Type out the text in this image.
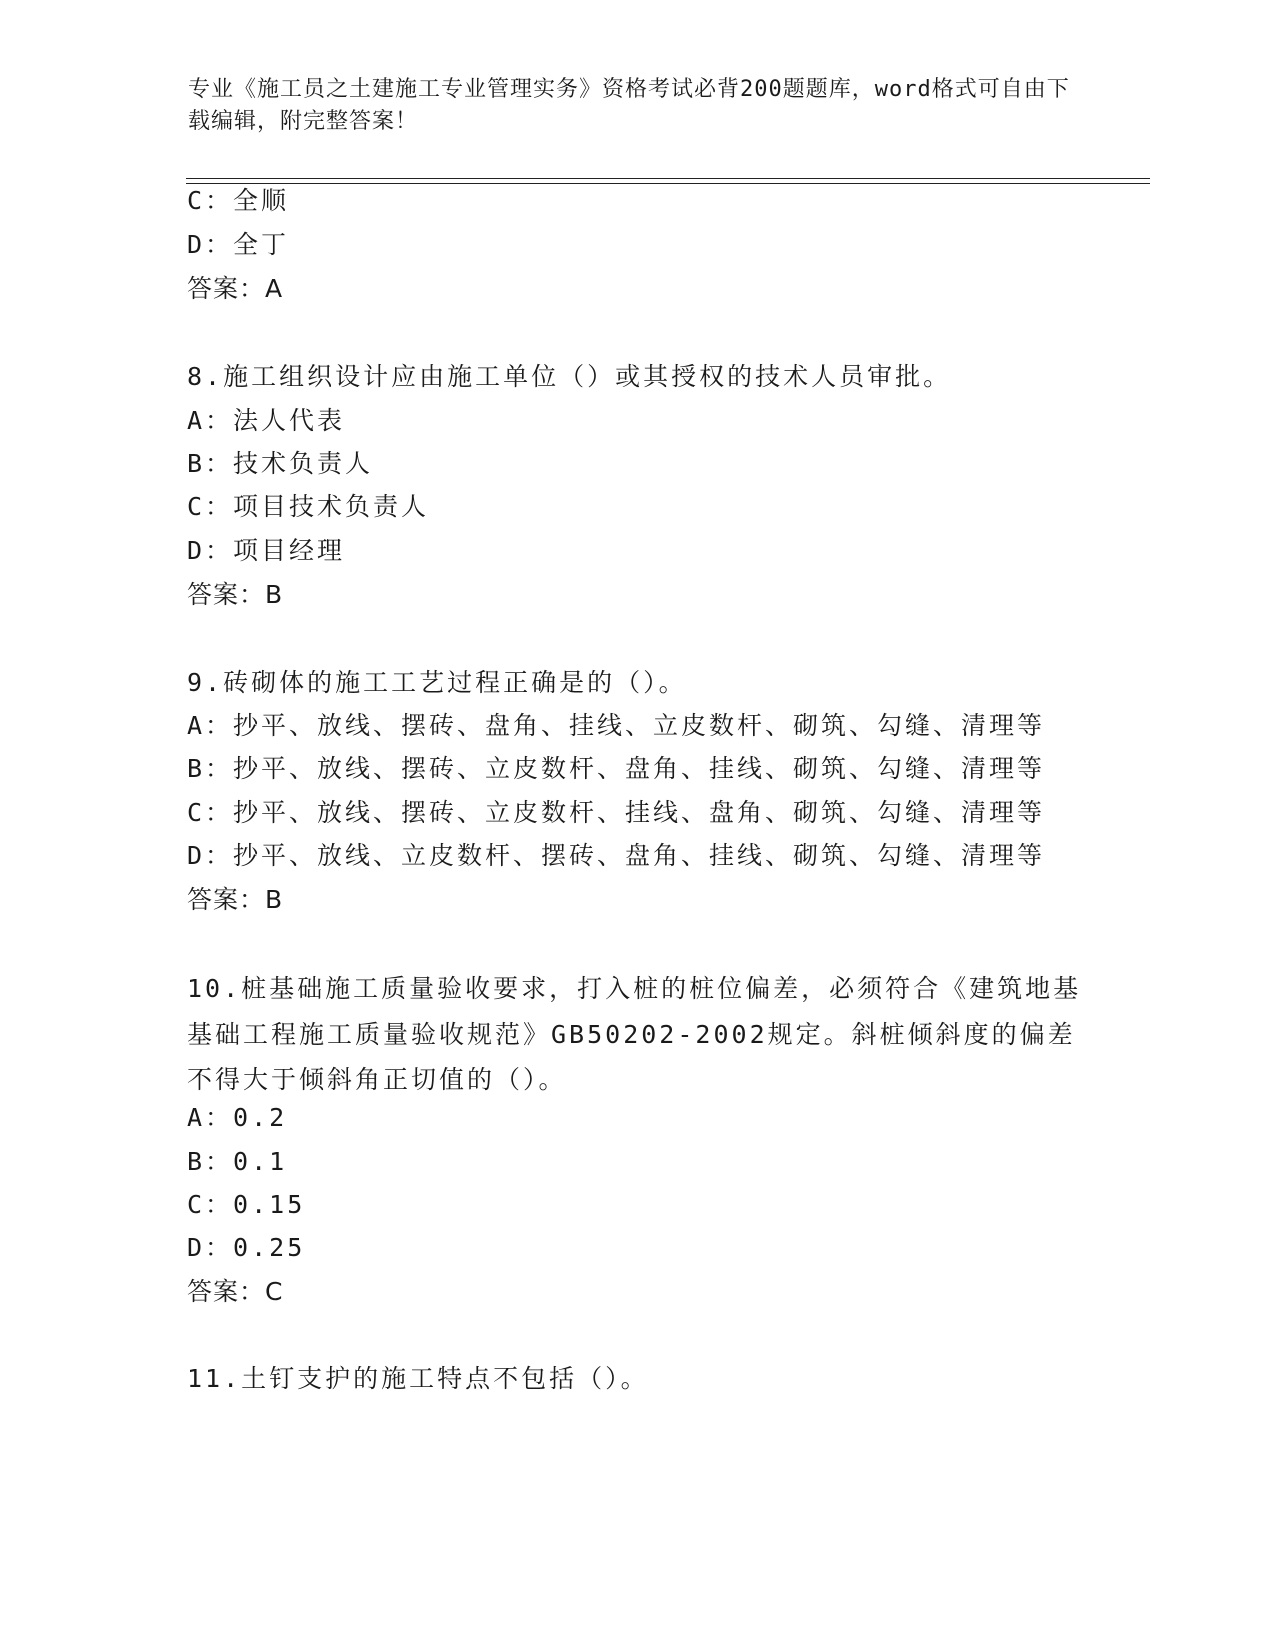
专业《施工员之土建施工专业管理实务》资格考试必背200题题库，word格式可自由下载编辑，附完整答案！
C：全顺
D：全丁
答案：A
8.施工组织设计应由施工单位（）或其授权的技术人员审批。
A：法人代表
B：技术负责人
C：项目技术负责人
D：项目经理
答案：B
9.砖砌体的施工工艺过程正确是的（）。
A：抄平、放线、摆砖、盘角、挂线、立皮数杆、砌筑、勾缝、清理等
B：抄平、放线、摆砖、立皮数杆、盘角、挂线、砌筑、勾缝、清理等
C：抄平、放线、摆砖、立皮数杆、挂线、盘角、砌筑、勾缝、清理等
D：抄平、放线、立皮数杆、摆砖、盘角、挂线、砌筑、勾缝、清理等
答案：B
10.桩基础施工质量验收要求，打入桩的桩位偏差，必须符合《建筑地基基础工程施工质量验收规范》GB50202-2002规定。斜桩倾斜度的偏差不得大于倾斜角正切值的（）。
A：0.2
B：0.1
C：0.15
D：0.25
答案：C
11.土钉支护的施工特点不包括（）。
